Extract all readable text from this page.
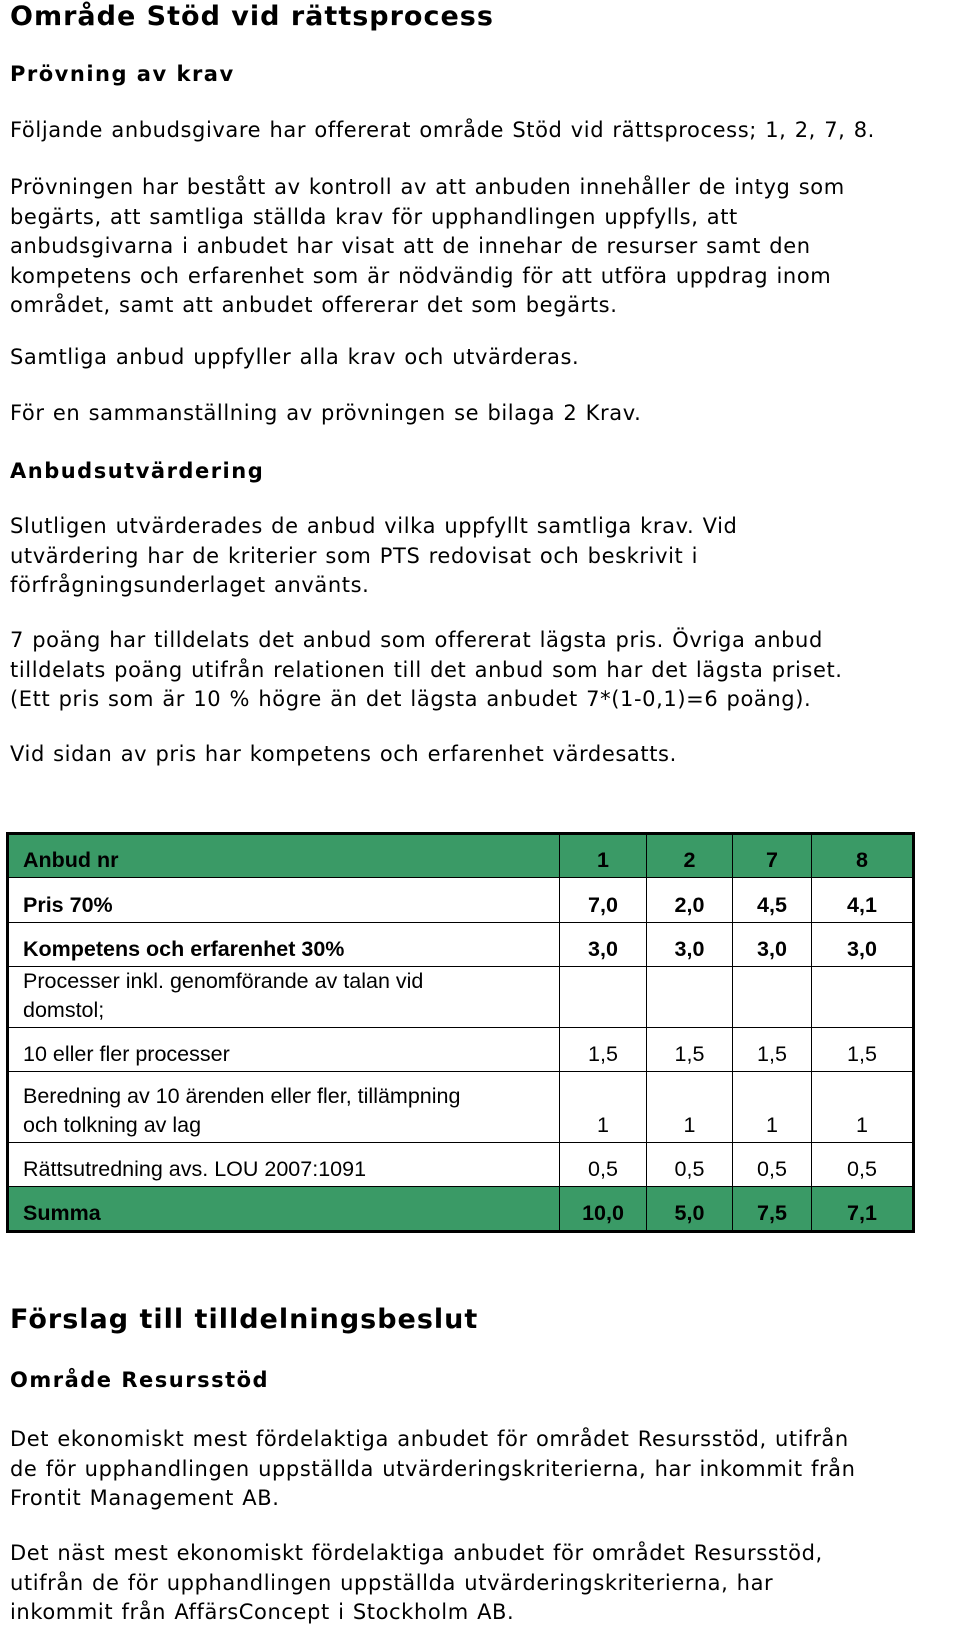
Område Stöd vid rättsprocess
Prövning av krav

Följande anbudsgivare har offererat område Stöd vid rättsprocess; 1, 2, 7, 8.

Prövningen har bestått av kontroll av att anbuden innehåller de intyg som

begärts, att samtliga ställda krav för upphandlingen uppfylls, att

anbudsgivarna i anbudet har visat att de innehar de resurser samt den

kompetens och erfarenhet som är nödvändig för att utföra uppdrag inom

området, samt att anbudet offererar det som begärts.

Samtliga anbud uppfyller alla krav och utvärderas.

För en sammanställning av prövningen se bilaga 2 Krav.

Anbudsutvärdering

Slutligen utvärderades de anbud vilka uppfyllt samtliga krav. Vid

utvärdering har de kriterier som PTS redovisat och beskrivit i

förfrågningsunderlaget använts.

7 poäng har tilldelats det anbud som offererat lägsta pris. Övriga anbud

tilldelats poäng utifrån relationen till det anbud som har det lägsta priset.

(Ett pris som är 10 % högre än det lägsta anbudet 7*(1-0,1)=6 poäng).

Vid sidan av pris har kompetens och erfarenhet värdesatts.

Anbud nr	1	2	7	8
Pris 70%	7,0	2,0	4,5	4,1
Kompetens och erfarenhet 30%	3,0	3,0	3,0	3,0

Processer inkl. genomförande av talan vid
domstol;				

10 eller fler processer	1,5	1,5	1,5	1,5

Beredning av 10 ärenden eller fler, tillämpning
och tolkning av lag	1	1	1	1
Rättsutredning avs. LOU 2007:1091	0,5	0,5	0,5	0,5
Summa	10,0	5,0	7,5	7,1
Förslag till tilldelningsbeslut
Område Resursstöd

Det ekonomiskt mest fördelaktiga anbudet för området Resursstöd, utifrån

de för upphandlingen uppställda utvärderingskriterierna, har inkommit från

Frontit Management AB.

Det näst mest ekonomiskt fördelaktiga anbudet för området Resursstöd,

utifrån de för upphandlingen uppställda utvärderingskriterierna, har

inkommit från AffärsConcept i Stockholm AB.
